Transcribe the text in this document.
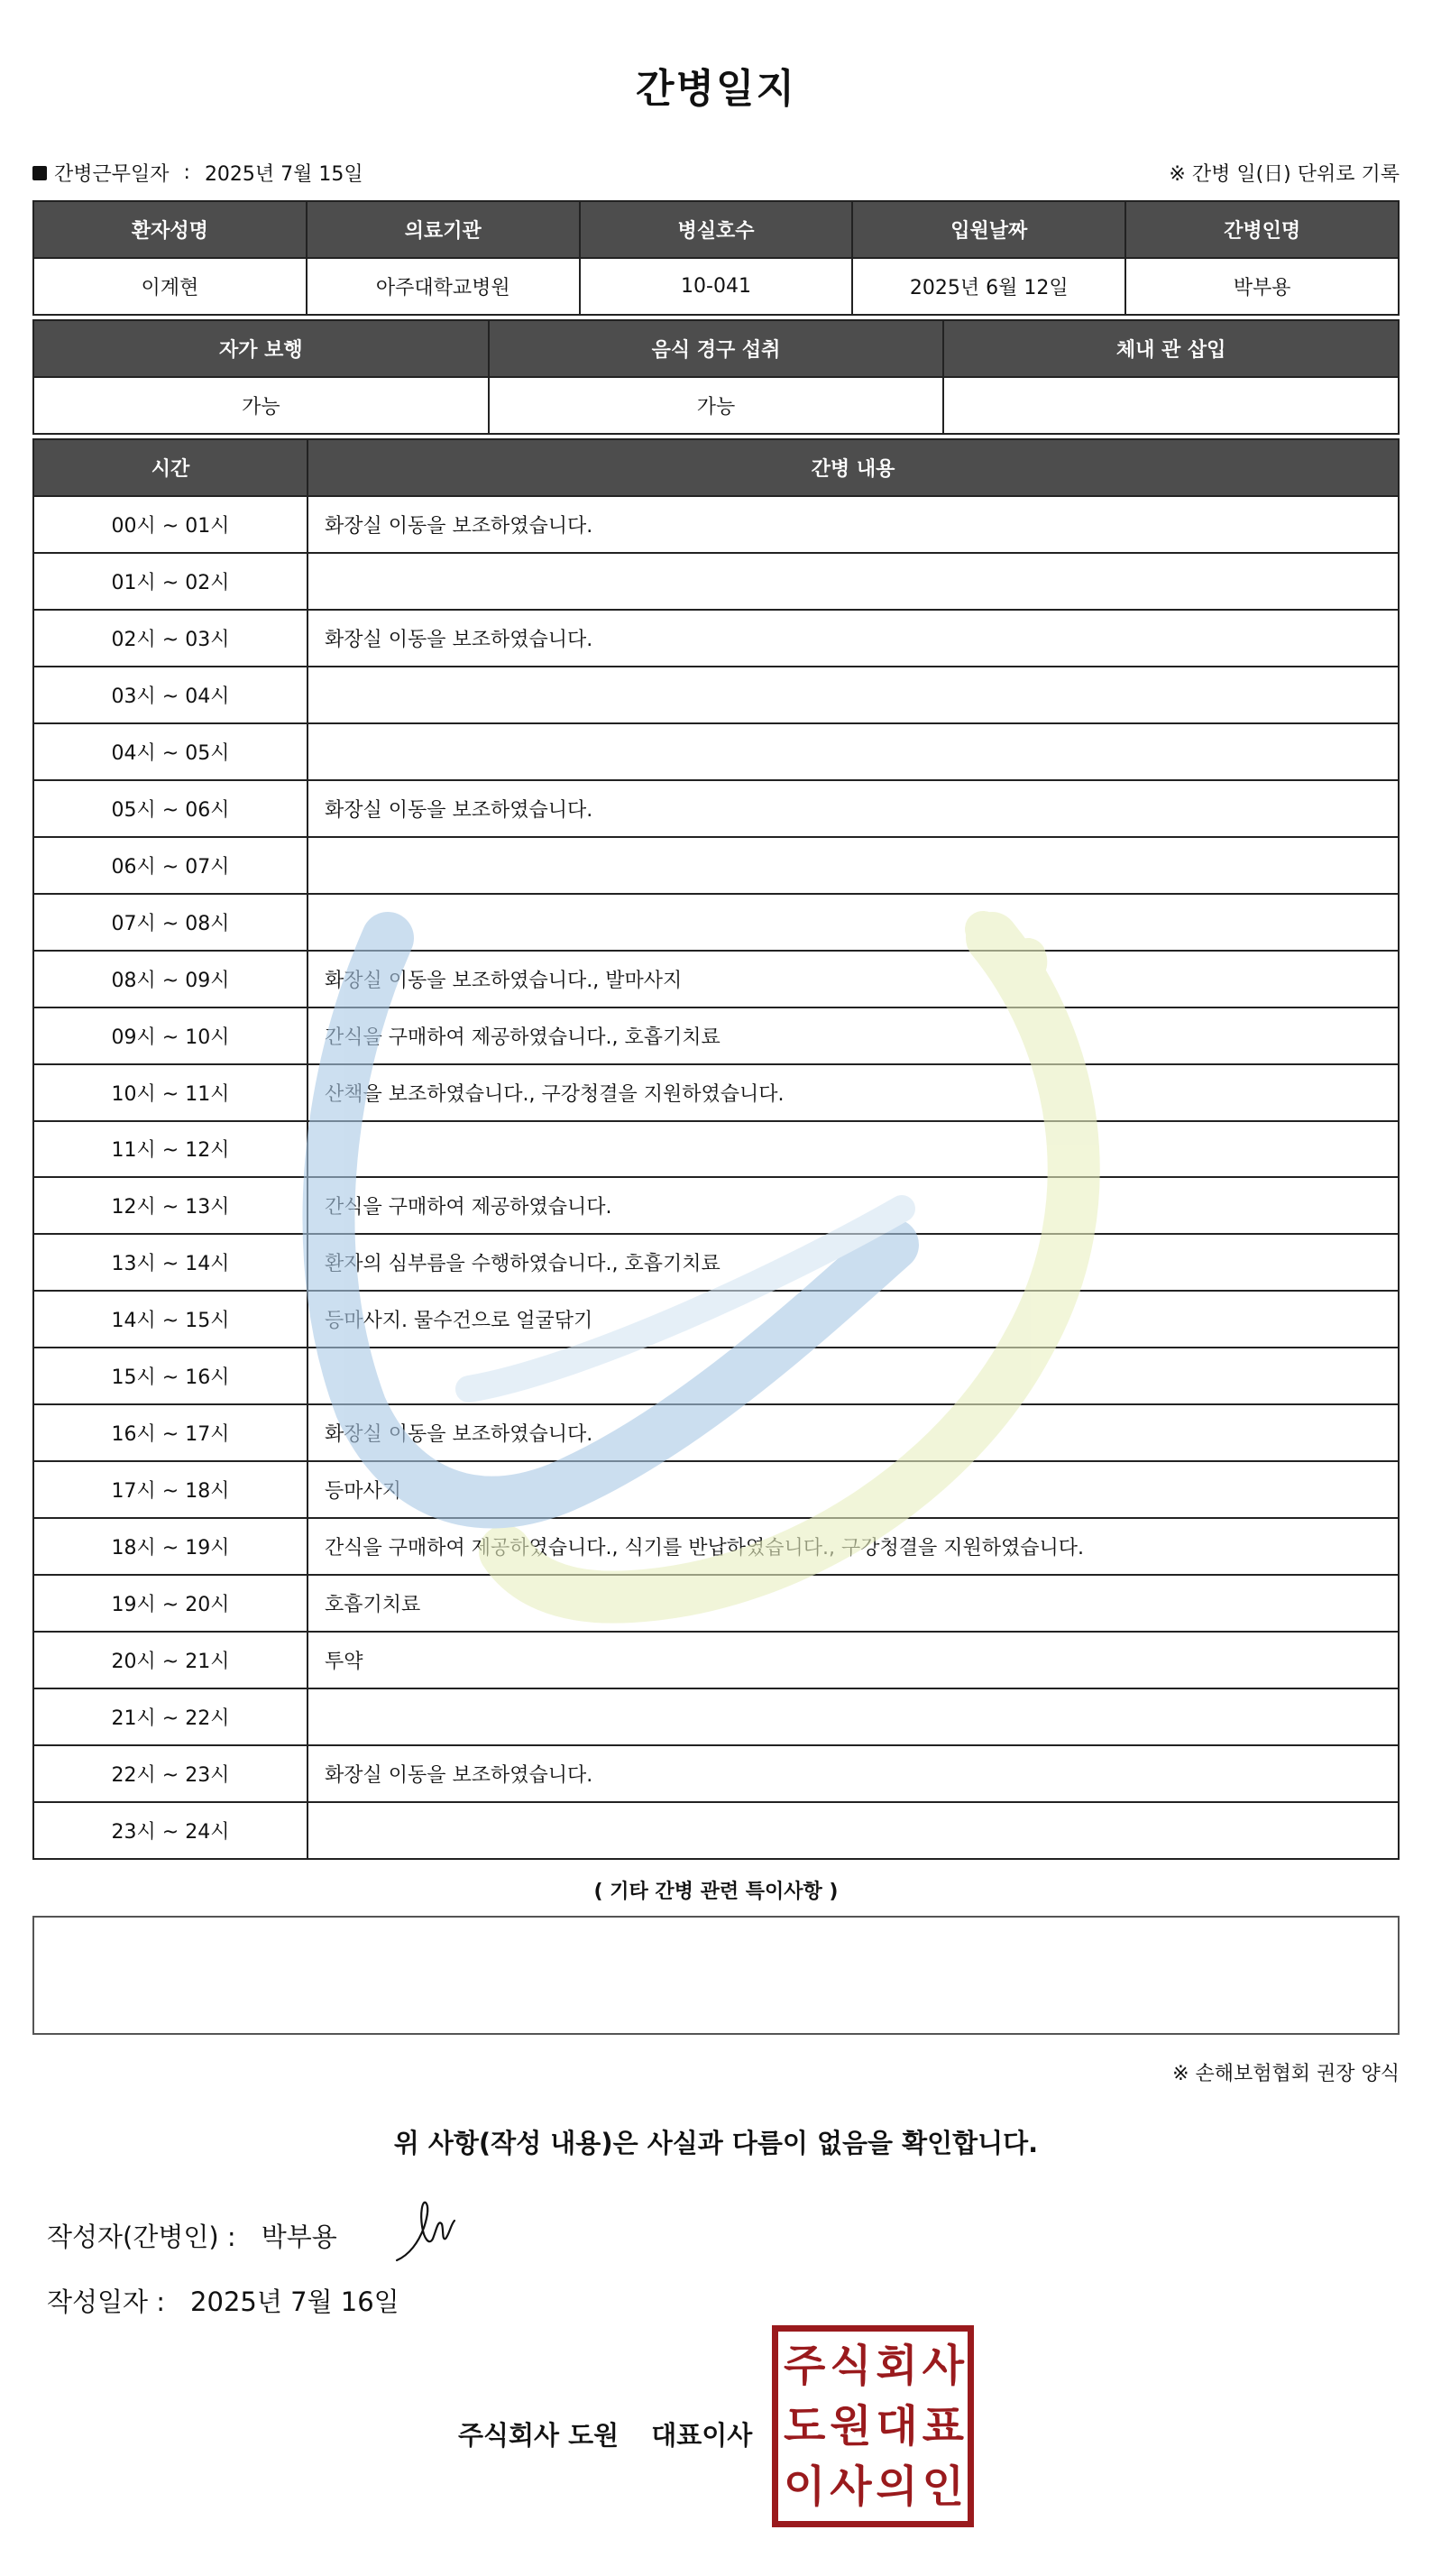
간병일지
간병근무일자 : 2025년 7월 15일	※ 간병 일(日) 단위로 기록
환자성명	의료기관	병실호수	입원날짜	간병인명
이계현	아주대학교병원	10-041	2025년 6월 12일	박부용
자가 보행	음식 경구 섭취	체내 관 삽입
가능	가능
시간	간병 내용
00시 ~ 01시	화장실 이동을 보조하였습니다.
01시 ~ 02시
02시 ~ 03시	화장실 이동을 보조하였습니다.
03시 ~ 04시
04시 ~ 05시
05시 ~ 06시	화장실 이동을 보조하였습니다.
06시 ~ 07시
07시 ~ 08시
08시 ~ 09시	화장실 이동을 보조하였습니다., 발마사지
09시 ~ 10시	간식을 구매하여 제공하였습니다., 호흡기치료
10시 ~ 11시	산책을 보조하였습니다., 구강청결을 지원하였습니다.
11시 ~ 12시
12시 ~ 13시	간식을 구매하여 제공하였습니다.
13시 ~ 14시	환자의 심부름을 수행하였습니다., 호흡기치료
14시 ~ 15시	등마사지. 물수건으로 얼굴닦기
15시 ~ 16시
16시 ~ 17시	화장실 이동을 보조하였습니다.
17시 ~ 18시	등마사지
18시 ~ 19시	간식을 구매하여 제공하였습니다., 식기를 반납하였습니다., 구강청결을 지원하였습니다.
19시 ~ 20시	호흡기치료
20시 ~ 21시	투약
21시 ~ 22시
22시 ~ 23시	화장실 이동을 보조하였습니다.
23시 ~ 24시
( 기타 간병 관련 특이사항 )
※ 손해보험협회 권장 양식
위 사항(작성 내용)은 사실과 다름이 없음을 확인합니다.
작성자(간병인) : 박부용
작성일자 : 2025년 7월 16일
주식회사 도원 대표이사
주 식 회 사
도 원 대 표
이 사 의 인
